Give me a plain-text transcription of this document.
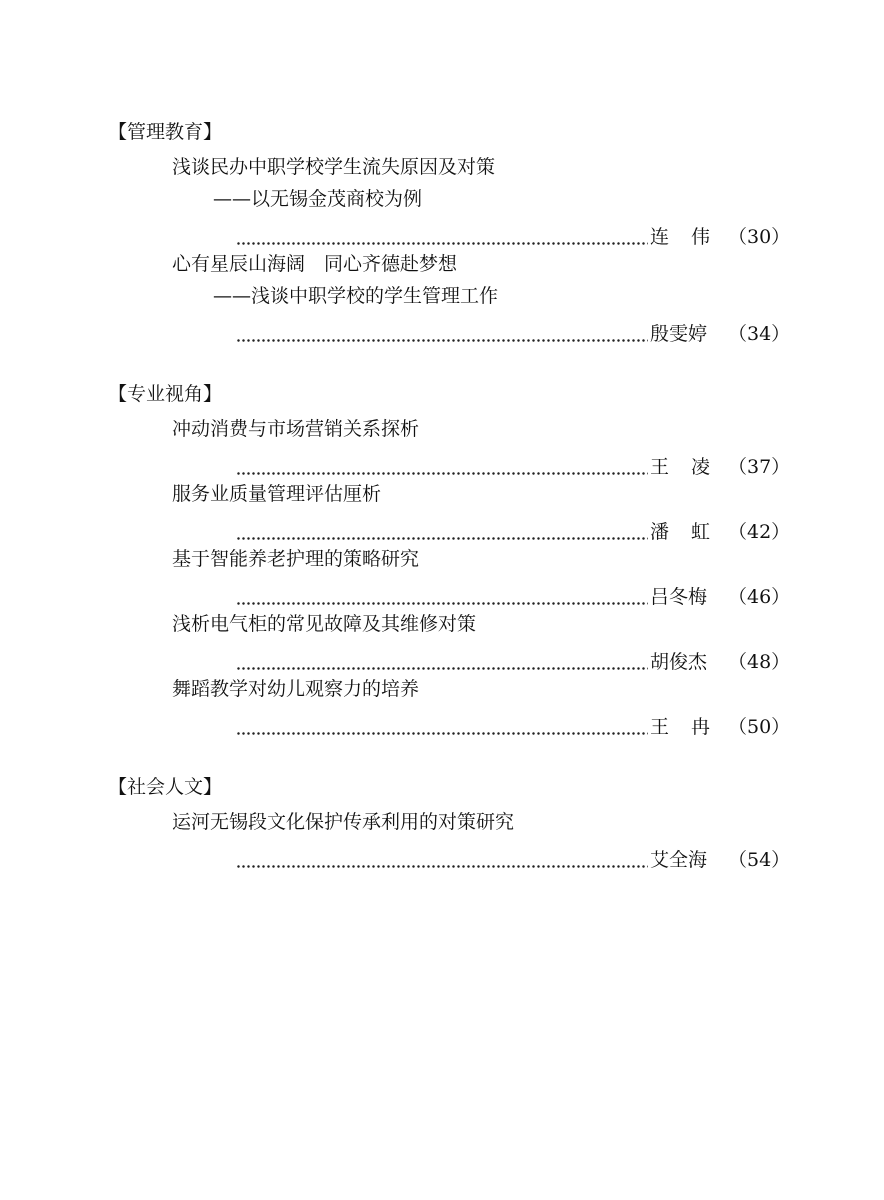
【管理教育】
浅谈民办中职学校学生流失原因及对策
——以无锡金茂商校为例
连伟
（30）
心有星辰山海阔　同心齐德赴梦想
——浅谈中职学校的学生管理工作
殷雯婷 （34）
【专业视角】
冲动消费与市场营销关系探析
王凌
（37）
服务业质量管理评估厘析
潘虹
（42）
基于智能养老护理的策略研究
吕冬梅 （46）
浅析电气柜的常见故障及其维修对策
胡俊杰 （48）
舞蹈教学对幼儿观察力的培养
王冉
（50）
【社会人文】
运河无锡段文化保护传承利用的对策研究
艾全海 （54）
